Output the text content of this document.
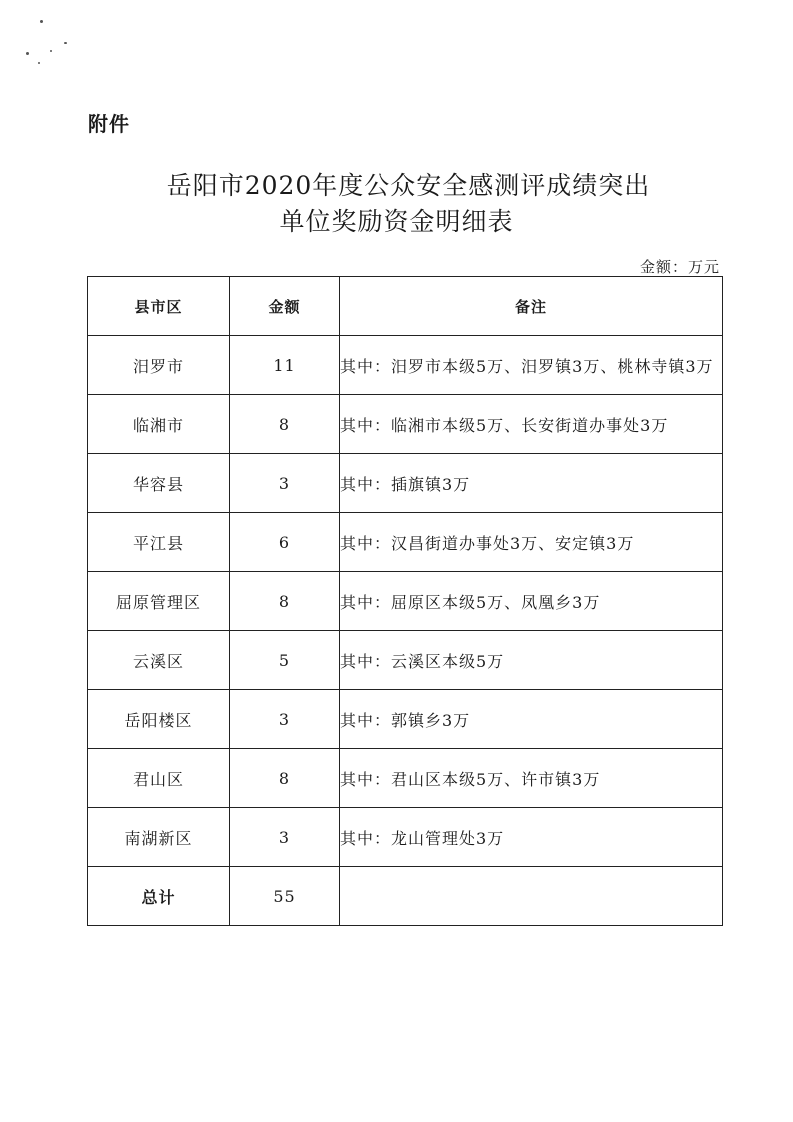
附件
岳阳市2020年度公众安全感测评成绩突出
单位奖励资金明细表
金额：万元
县市区	金额	备注
汨罗市	11	其中：汨罗市本级5万、汨罗镇3万、桃林寺镇3万
临湘市	8	其中：临湘市本级5万、长安街道办事处3万
华容县	3	其中：插旗镇3万
平江县	6	其中：汉昌街道办事处3万、安定镇3万
屈原管理区	8	其中：屈原区本级5万、凤凰乡3万
云溪区	5	其中：云溪区本级5万
岳阳楼区	3	其中：郭镇乡3万
君山区	8	其中：君山区本级5万、许市镇3万
南湖新区	3	其中：龙山管理处3万
总计	55	
